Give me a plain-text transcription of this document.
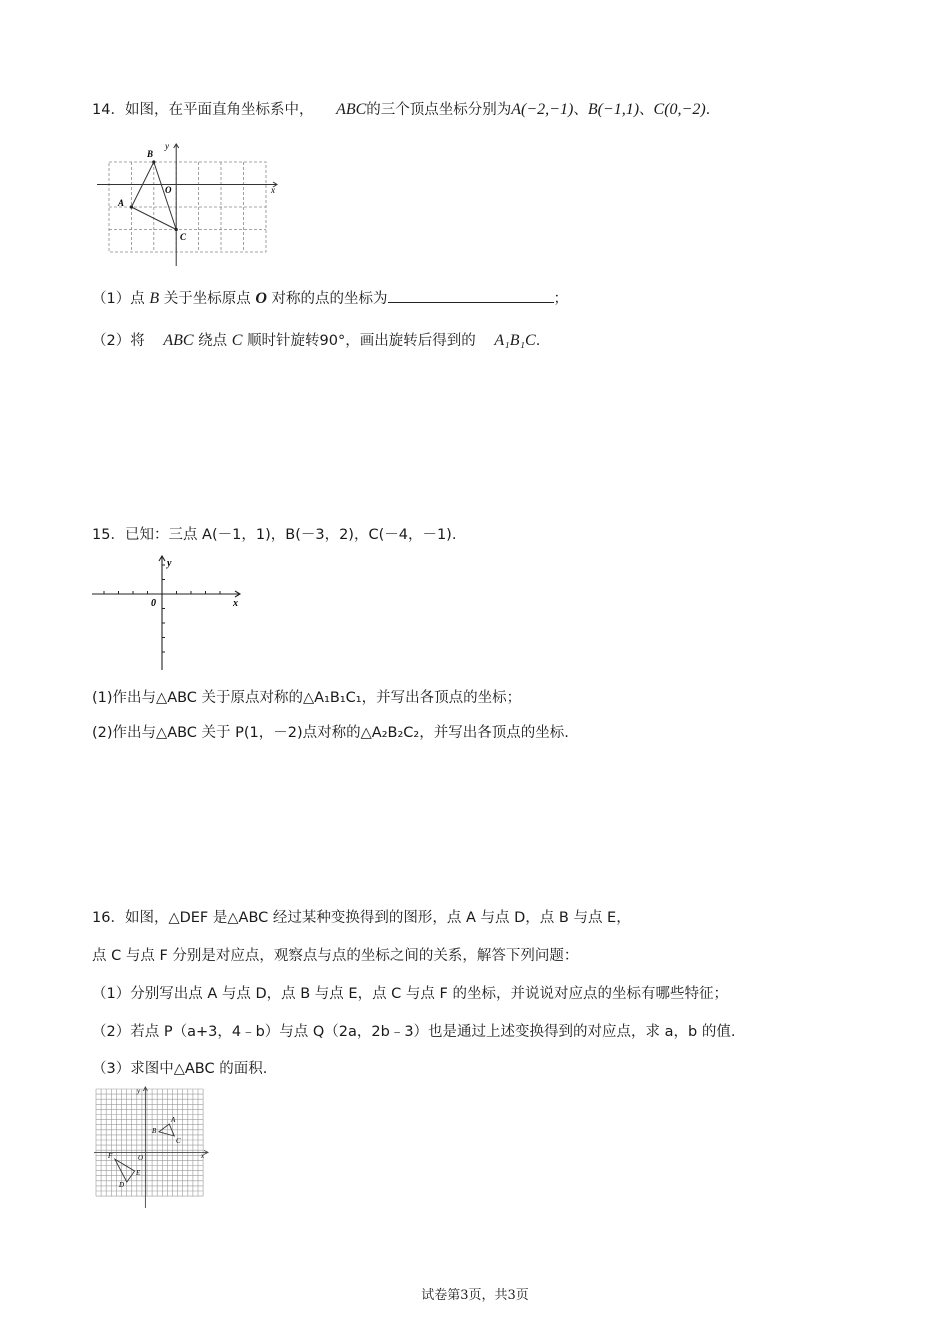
14．如图，在平面直角坐标系中， ABC的三个顶点坐标分别为A(−2,−1)、B(−1,1)、C(0,−2).
x
y
O
A
B
C
（1）点 B 关于坐标原点 O 对称的点的坐标为	；
（2）将 ABC 绕点 C 顺时针旋转90°，画出旋转后得到的 A₁B₁C.
15．已知：三点 A(－1，1)，B(－3，2)，C(－4，－1).
x
y
0
(1)作出与△ABC 关于原点对称的△A₁B₁C₁，并写出各顶点的坐标；
(2)作出与△ABC 关于 P(1，－2)点对称的△A₂B₂C₂，并写出各顶点的坐标.
16．如图，△DEF 是△ABC 经过某种变换得到的图形，点 A 与点 D，点 B 与点 E，
点 C 与点 F 分别是对应点，观察点与点的坐标之间的关系，解答下列问题：
（1）分别写出点 A 与点 D，点 B 与点 E，点 C 与点 F 的坐标，并说说对应点的坐标有哪些特征；
（2）若点 P（a+3，4﹣b）与点 Q（2a，2b﹣3）也是通过上述变换得到的对应点，求 a，b 的值.
（3）求图中△ABC 的面积.
x
y
O
A
B
C
D
E
F
试卷第3页，共3页
